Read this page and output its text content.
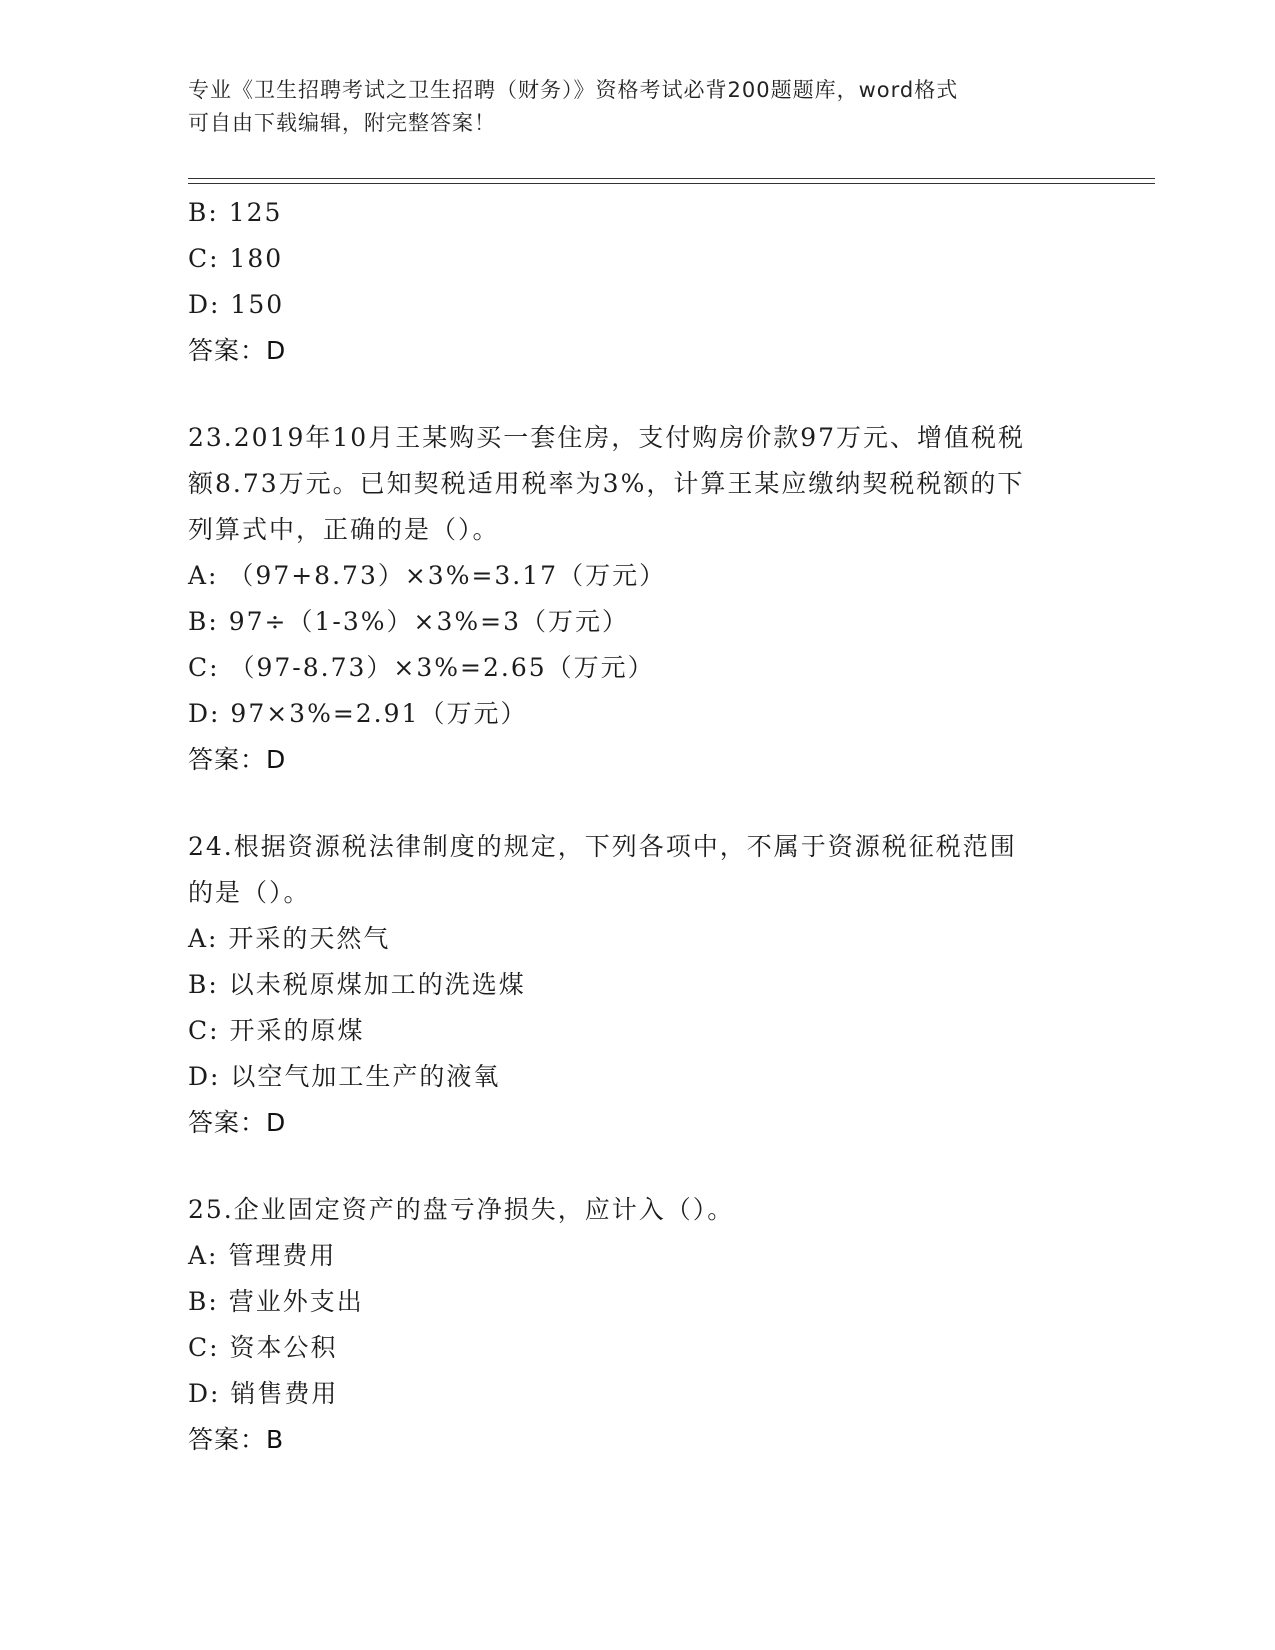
专业《卫生招聘考试之卫生招聘（财务）》资格考试必背200题题库，word格式
可自由下载编辑，附完整答案！
B: 125
C: 180
D: 150
答案：D
23.2019年10月王某购买一套住房，支付购房价款97万元、增值税税
额8.73万元。已知契税适用税率为3%，计算王某应缴纳契税税额的下
列算式中，正确的是（）。
A: （97+8.73）×3%=3.17（万元）
B: 97÷（1-3%）×3%=3（万元）
C: （97-8.73）×3%=2.65（万元）
D: 97×3%=2.91（万元）
答案：D
24.根据资源税法律制度的规定，下列各项中，不属于资源税征税范围
的是（）。
A: 开采的天然气
B: 以未税原煤加工的洗选煤
C: 开采的原煤
D: 以空气加工生产的液氧
答案：D
25.企业固定资产的盘亏净损失，应计入（）。
A: 管理费用
B: 营业外支出
C: 资本公积
D: 销售费用
答案：B
